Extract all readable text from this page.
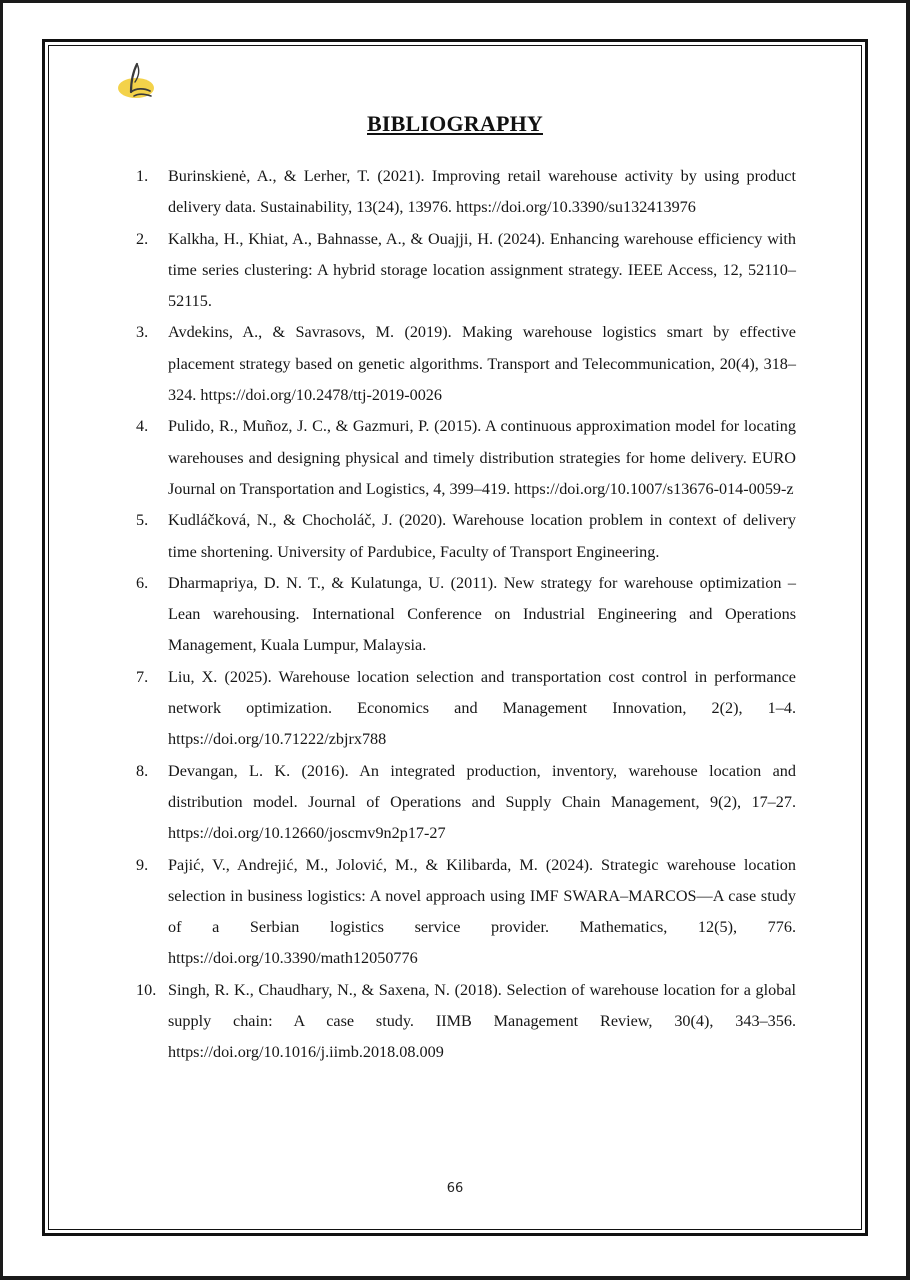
BIBLIOGRAPHY
1.	Burinskienė, A., & Lerher, T. (2021). Improving retail warehouse activity by using product delivery data. Sustainability, 13(24), 13976. https://doi.org/10.3390/su132413976
2.	Kalkha, H., Khiat, A., Bahnasse, A., & Ouajji, H. (2024). Enhancing warehouse efficiency with time series clustering: A hybrid storage location assignment strategy. IEEE Access, 12, 52110–52115.
3.	Avdekins, A., & Savrasovs, M. (2019). Making warehouse logistics smart by effective placement strategy based on genetic algorithms. Transport and Telecommunication, 20(4), 318–324. https://doi.org/10.2478/ttj-2019-0026
4.	Pulido, R., Muñoz, J. C., & Gazmuri, P. (2015). A continuous approximation model for locating warehouses and designing physical and timely distribution strategies for home delivery. EURO Journal on Transportation and Logistics, 4, 399–419. https://doi.org/10.1007/s13676-014-0059-z
5.	Kudláčková, N., & Chocholáč, J. (2020). Warehouse location problem in context of delivery time shortening. University of Pardubice, Faculty of Transport Engineering.
6.	Dharmapriya, D. N. T., & Kulatunga, U. (2011). New strategy for warehouse optimization – Lean warehousing. International Conference on Industrial Engineering and Operations Management, Kuala Lumpur, Malaysia.
7.	Liu, X. (2025). Warehouse location selection and transportation cost control in performance network optimization. Economics and Management Innovation, 2(2), 1–4. https://doi.org/10.71222/zbjrx788
8.	Devangan, L. K. (2016). An integrated production, inventory, warehouse location and distribution model. Journal of Operations and Supply Chain Management, 9(2), 17–27. https://doi.org/10.12660/joscmv9n2p17-27
9.	Pajić, V., Andrejić, M., Jolović, M., & Kilibarda, M. (2024). Strategic warehouse location selection in business logistics: A novel approach using IMF SWARA–MARCOS—A case study of a Serbian logistics service provider. Mathematics, 12(5), 776. https://doi.org/10.3390/math12050776
10. Singh, R. K., Chaudhary, N., & Saxena, N. (2018). Selection of warehouse location for a global supply chain: A case study. IIMB Management Review, 30(4), 343–356. https://doi.org/10.1016/j.iimb.2018.08.009
66
